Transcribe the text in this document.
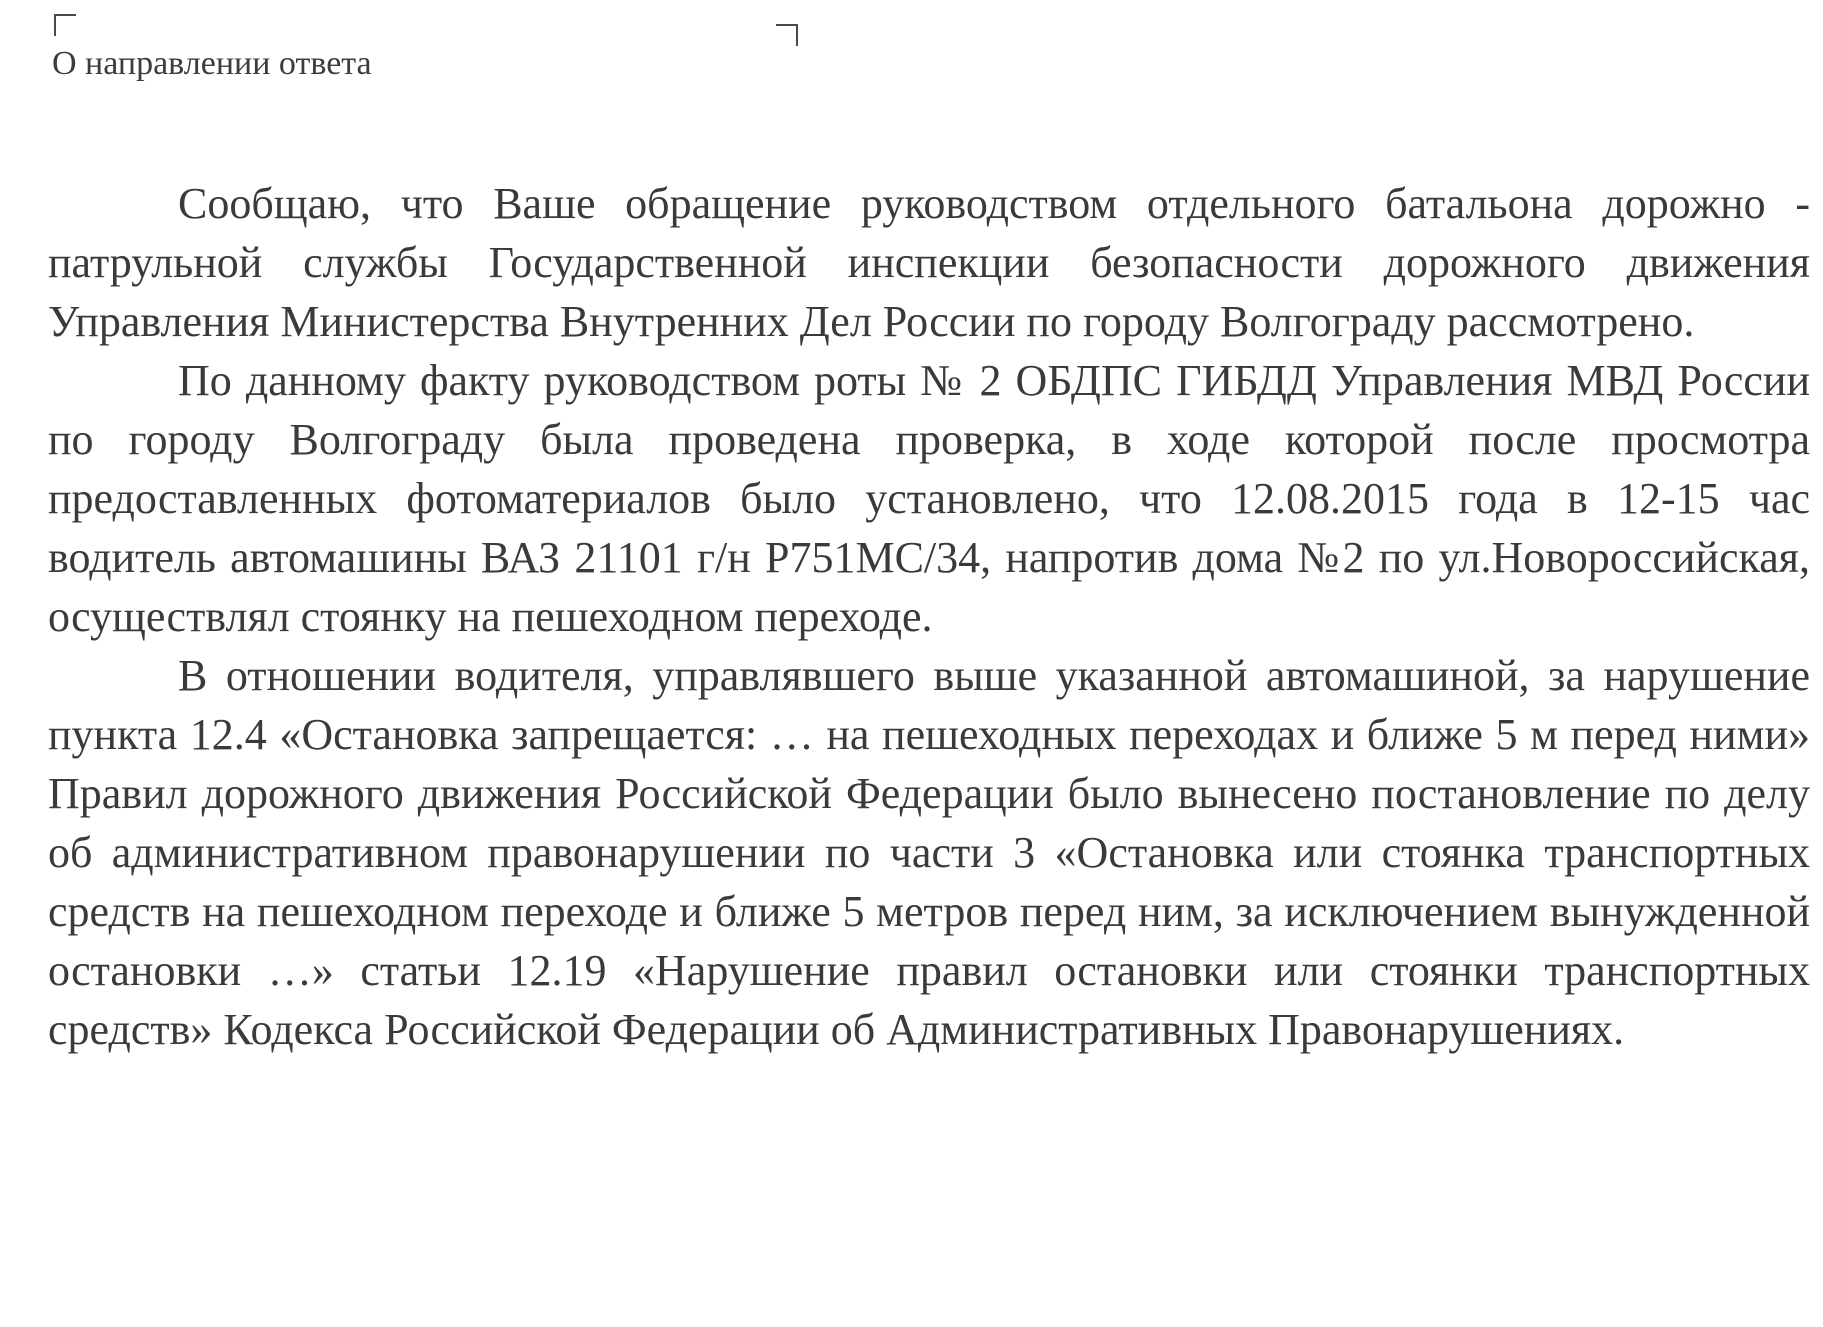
О направлении ответа

Сообщаю, что Ваше обращение руководством отдельного батальона дорожно - патрульной службы Государственной инспекции безопасности дорожного движения Управления Министерства Внутренних Дел России по городу Волгограду рассмотрено.

По данному факту руководством роты № 2 ОБДПС ГИБДД Управления МВД России по городу Волгограду была проведена проверка, в ходе которой после просмотра предоставленных фотоматериалов было установлено, что 12.08.2015 года в 12-15 час водитель автомашины ВАЗ 21101 г/н Р751МС/34, напротив дома №2 по ул.Новороссийская, осуществлял стоянку на пешеходном переходе.

В отношении водителя, управлявшего выше указанной автомашиной, за нарушение пункта 12.4 «Остановка запрещается: … на пешеходных переходах и ближе 5 м перед ними» Правил дорожного движения Российской Федерации было вынесено постановление по делу об административном правонарушении по части 3 «Остановка или стоянка транспортных средств на пешеходном переходе и ближе 5 метров перед ним, за исключением вынужденной остановки …» статьи 12.19 «Нарушение правил остановки или стоянки транспортных средств» Кодекса Российской Федерации об Административных Правонарушениях.
